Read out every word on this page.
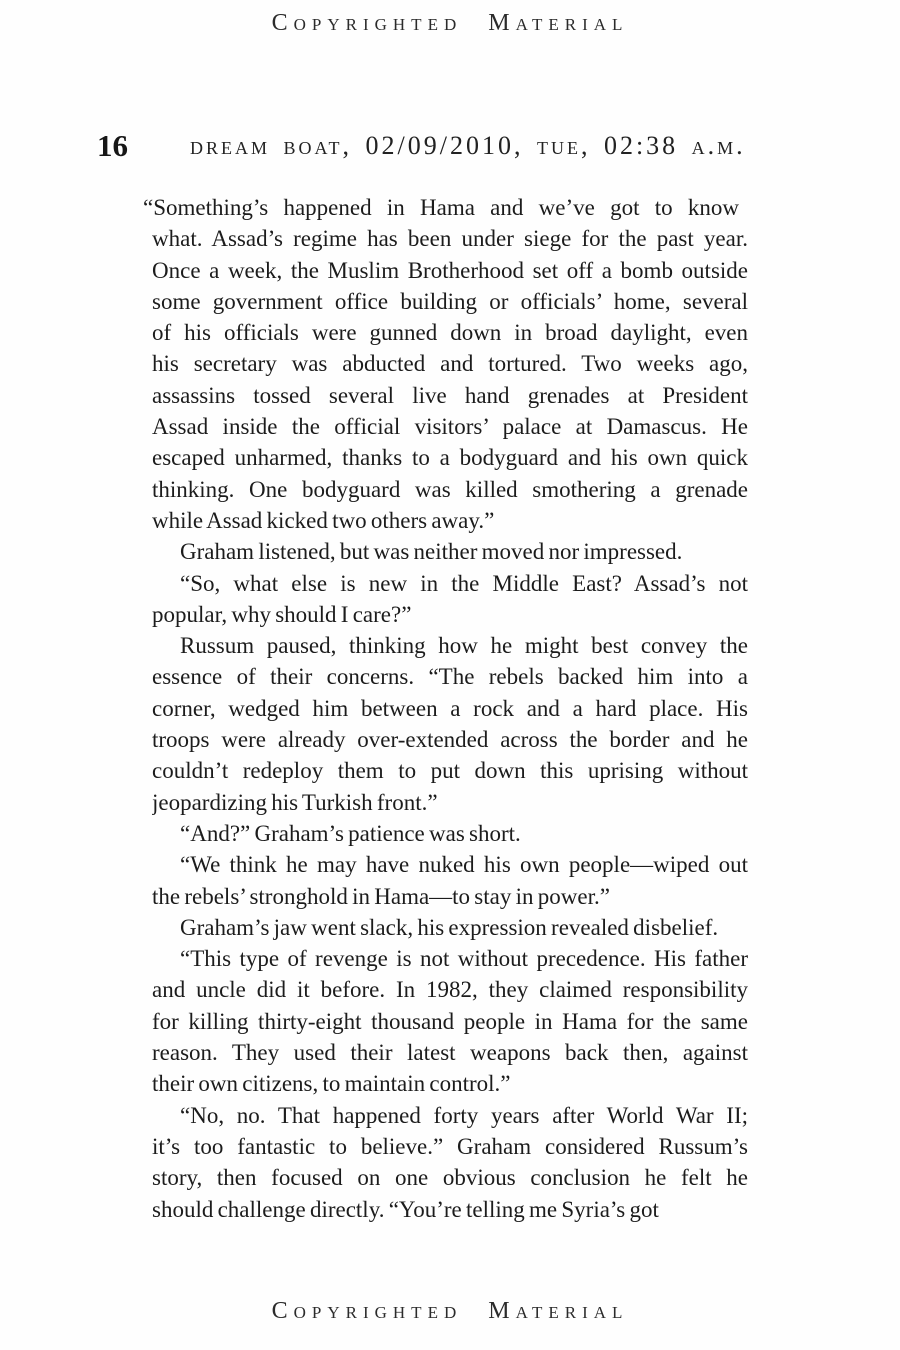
Copyrighted Material
16 dream boat, 02/09/2010, tue, 02:38 a.m.
“Something’s happened in Hama and we’ve got to know
what. Assad’s regime has been under siege for the past year.
Once a week, the Muslim Brotherhood set off a bomb outside
some government office building or officials’ home, several
of his officials were gunned down in broad daylight, even
his secretary was abducted and tortured. Two weeks ago,
assassins tossed several live hand grenades at President
Assad inside the official visitors’ palace at Damascus. He
escaped unharmed, thanks to a bodyguard and his own quick
thinking. One bodyguard was killed smothering a grenade
while Assad kicked two others away.”
Graham listened, but was neither moved nor impressed.
“So, what else is new in the Middle East? Assad’s not
popular, why should I care?”
Russum paused, thinking how he might best convey the
essence of their concerns. “The rebels backed him into a
corner, wedged him between a rock and a hard place. His
troops were already over-extended across the border and he
couldn’t redeploy them to put down this uprising without
jeopardizing his Turkish front.”
“And?” Graham’s patience was short.
“We think he may have nuked his own people—wiped out
the rebels’ stronghold in Hama—to stay in power.”
Graham’s jaw went slack, his expression revealed disbelief.
“This type of revenge is not without precedence. His father
and uncle did it before. In 1982, they claimed responsibility
for killing thirty-eight thousand people in Hama for the same
reason. They used their latest weapons back then, against
their own citizens, to maintain control.”
“No, no. That happened forty years after World War II;
it’s too fantastic to believe.” Graham considered Russum’s
story, then focused on one obvious conclusion he felt he
should challenge directly. “You’re telling me Syria’s got
Copyrighted Material
